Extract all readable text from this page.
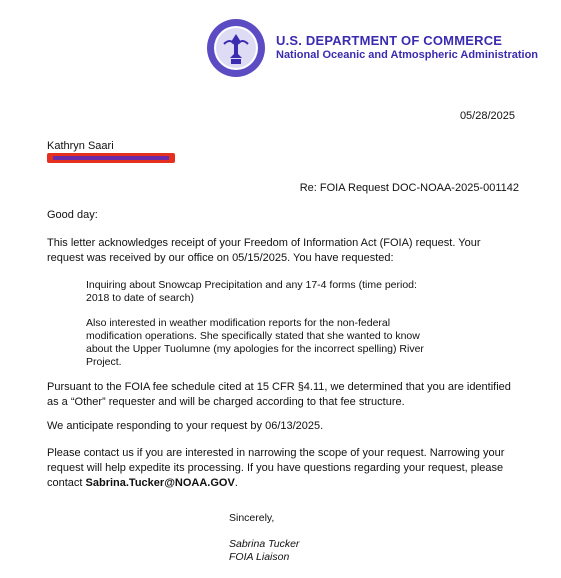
U.S. DEPARTMENT OF COMMERCE
National Oceanic and Atmospheric Administration
05/28/2025
Kathryn Saari
Re: FOIA Request DOC-NOAA-2025-001142
Good day:
This letter acknowledges receipt of your Freedom of Information Act (FOIA) request. Your request was received by our office on 05/15/2025. You have requested:
Inquiring about Snowcap Precipitation and any 17-4 forms (time period: 2018 to date of search)
Also interested in weather modification reports for the non-federal modification operations. She specifically stated that she wanted to know about the Upper Tuolumne (my apologies for the incorrect spelling) River Project.
Pursuant to the FOIA fee schedule cited at 15 CFR §4.11, we determined that you are identified as a “Other” requester and will be charged according to that fee structure.
We anticipate responding to your request by 06/13/2025.
Please contact us if you are interested in narrowing the scope of your request. Narrowing your request will help expedite its processing. If you have questions regarding your request, please contact Sabrina.Tucker@NOAA.GOV.
Sincerely,
Sabrina Tucker
FOIA Liaison
